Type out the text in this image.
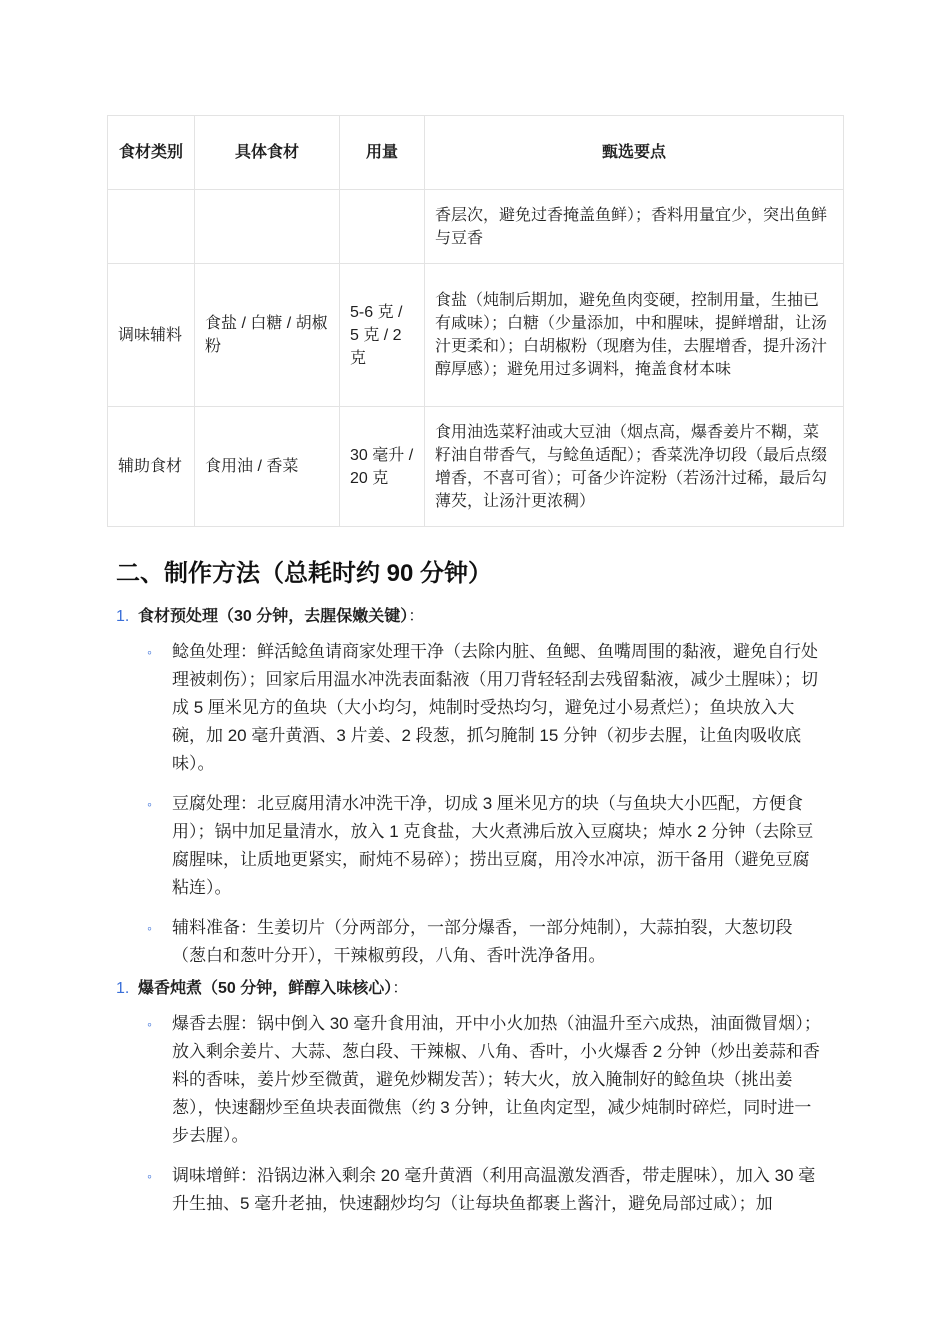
食材类别	具体食材	用量	甄选要点
			香层次，避免过香掩盖鱼鲜）；香料用量宜少，突出鱼鲜与豆香
调味辅料	食盐 / 白糖 / 胡椒粉	5-6 克 / 5 克 / 2 克	食盐（炖制后期加，避免鱼肉变硬，控制用量，生抽已有咸味）；白糖（少量添加，中和腥味，提鲜增甜，让汤汁更柔和）；白胡椒粉（现磨为佳，去腥增香，提升汤汁醇厚感）；避免用过多调料，掩盖食材本味
辅助食材	食用油 / 香菜	30 毫升 / 20 克	食用油选菜籽油或大豆油（烟点高，爆香姜片不糊，菜籽油自带香气，与鲶鱼适配）；香菜洗净切段（最后点缀增香，不喜可省）；可备少许淀粉（若汤汁过稀，最后勾薄芡，让汤汁更浓稠）
二、制作方法（总耗时约 90 分钟）
1. 食材预处理（30 分钟，去腥保嫩关键）：
◦ 鲶鱼处理：鲜活鲶鱼请商家处理干净（去除内脏、鱼鳃、鱼嘴周围的黏液，避免自行处理被刺伤）；回家后用温水冲洗表面黏液（用刀背轻轻刮去残留黏液，减少土腥味）；切成 5 厘米见方的鱼块（大小均匀，炖制时受热均匀，避免过小易煮烂）；鱼块放入大碗，加 20 毫升黄酒、3 片姜、2 段葱，抓匀腌制 15 分钟（初步去腥，让鱼肉吸收底味）。
◦ 豆腐处理：北豆腐用清水冲洗干净，切成 3 厘米见方的块（与鱼块大小匹配，方便食用）；锅中加足量清水，放入 1 克食盐，大火煮沸后放入豆腐块；焯水 2 分钟（去除豆腐腥味，让质地更紧实，耐炖不易碎）；捞出豆腐，用冷水冲凉，沥干备用（避免豆腐粘连）。
◦ 辅料准备：生姜切片（分两部分，一部分爆香，一部分炖制），大蒜拍裂，大葱切段（葱白和葱叶分开），干辣椒剪段，八角、香叶洗净备用。
1. 爆香炖煮（50 分钟，鲜醇入味核心）：
◦ 爆香去腥：锅中倒入 30 毫升食用油，开中小火加热（油温升至六成热，油面微冒烟）；放入剩余姜片、大蒜、葱白段、干辣椒、八角、香叶，小火爆香 2 分钟（炒出姜蒜和香料的香味，姜片炒至微黄，避免炒糊发苦）；转大火，放入腌制好的鲶鱼块（挑出姜葱），快速翻炒至鱼块表面微焦（约 3 分钟，让鱼肉定型，减少炖制时碎烂，同时进一步去腥）。
◦ 调味增鲜：沿锅边淋入剩余 20 毫升黄酒（利用高温激发酒香，带走腥味），加入 30 毫升生抽、5 毫升老抽，快速翻炒均匀（让每块鱼都裹上酱汁，避免局部过咸）；加
